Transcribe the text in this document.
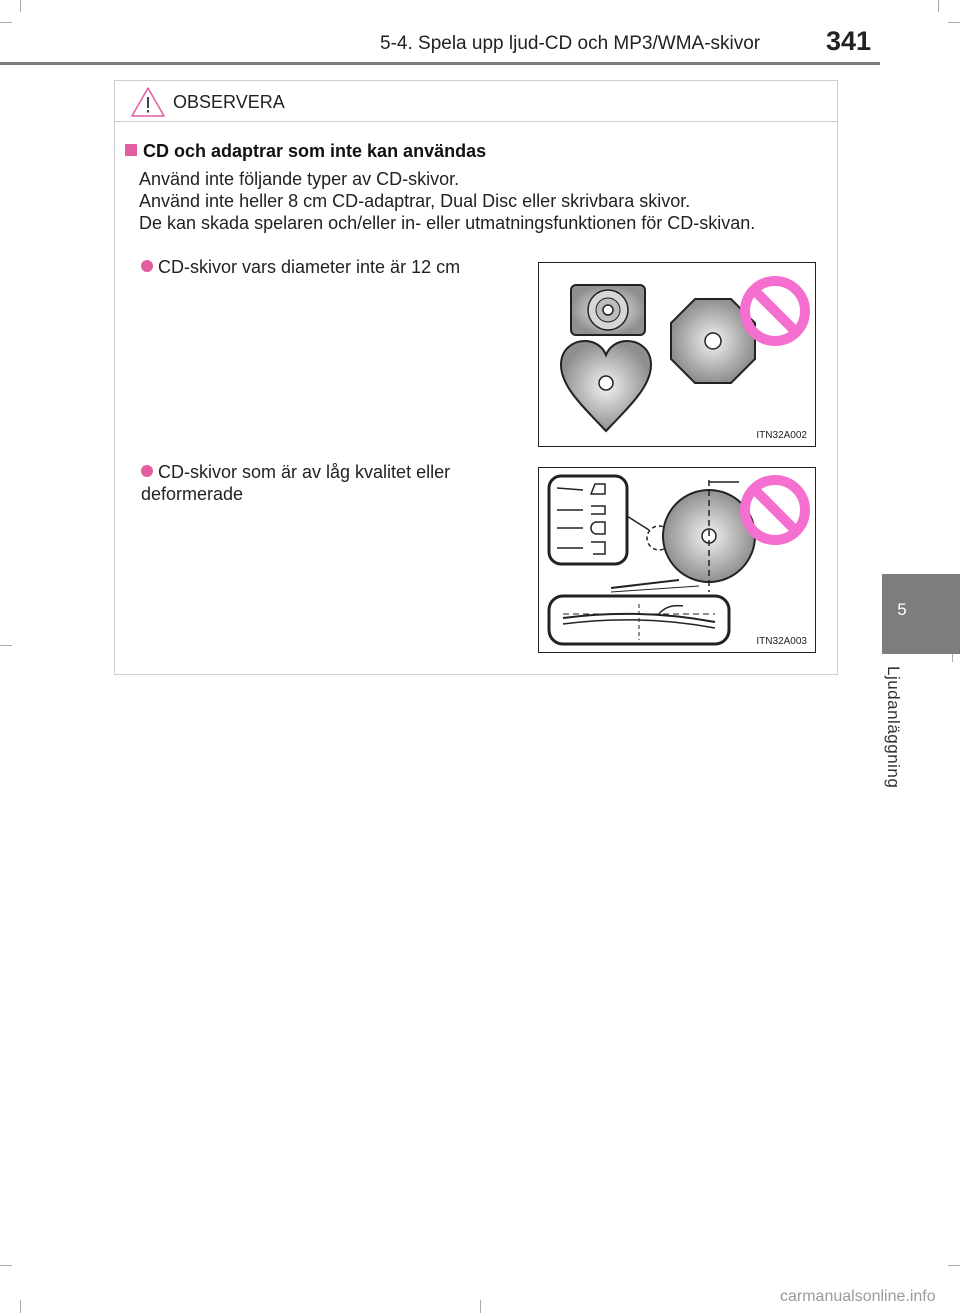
5-4. Spela upp ljud-CD och MP3/WMA-skivor 341
5
Ljudanläggning
OBSERVERA
CD och adaptrar som inte kan användas
Använd inte följande typer av CD-skivor.
Använd inte heller 8 cm CD-adaptrar, Dual Disc eller skrivbara skivor.
De kan skada spelaren och/eller in- eller utmatningsfunktionen för CD-skivan.
CD-skivor vars diameter inte är 12 cm
CD-skivor som är av låg kvalitet eller deformerade
ITN32A002
ITN32A003
carmanualsonline.info
